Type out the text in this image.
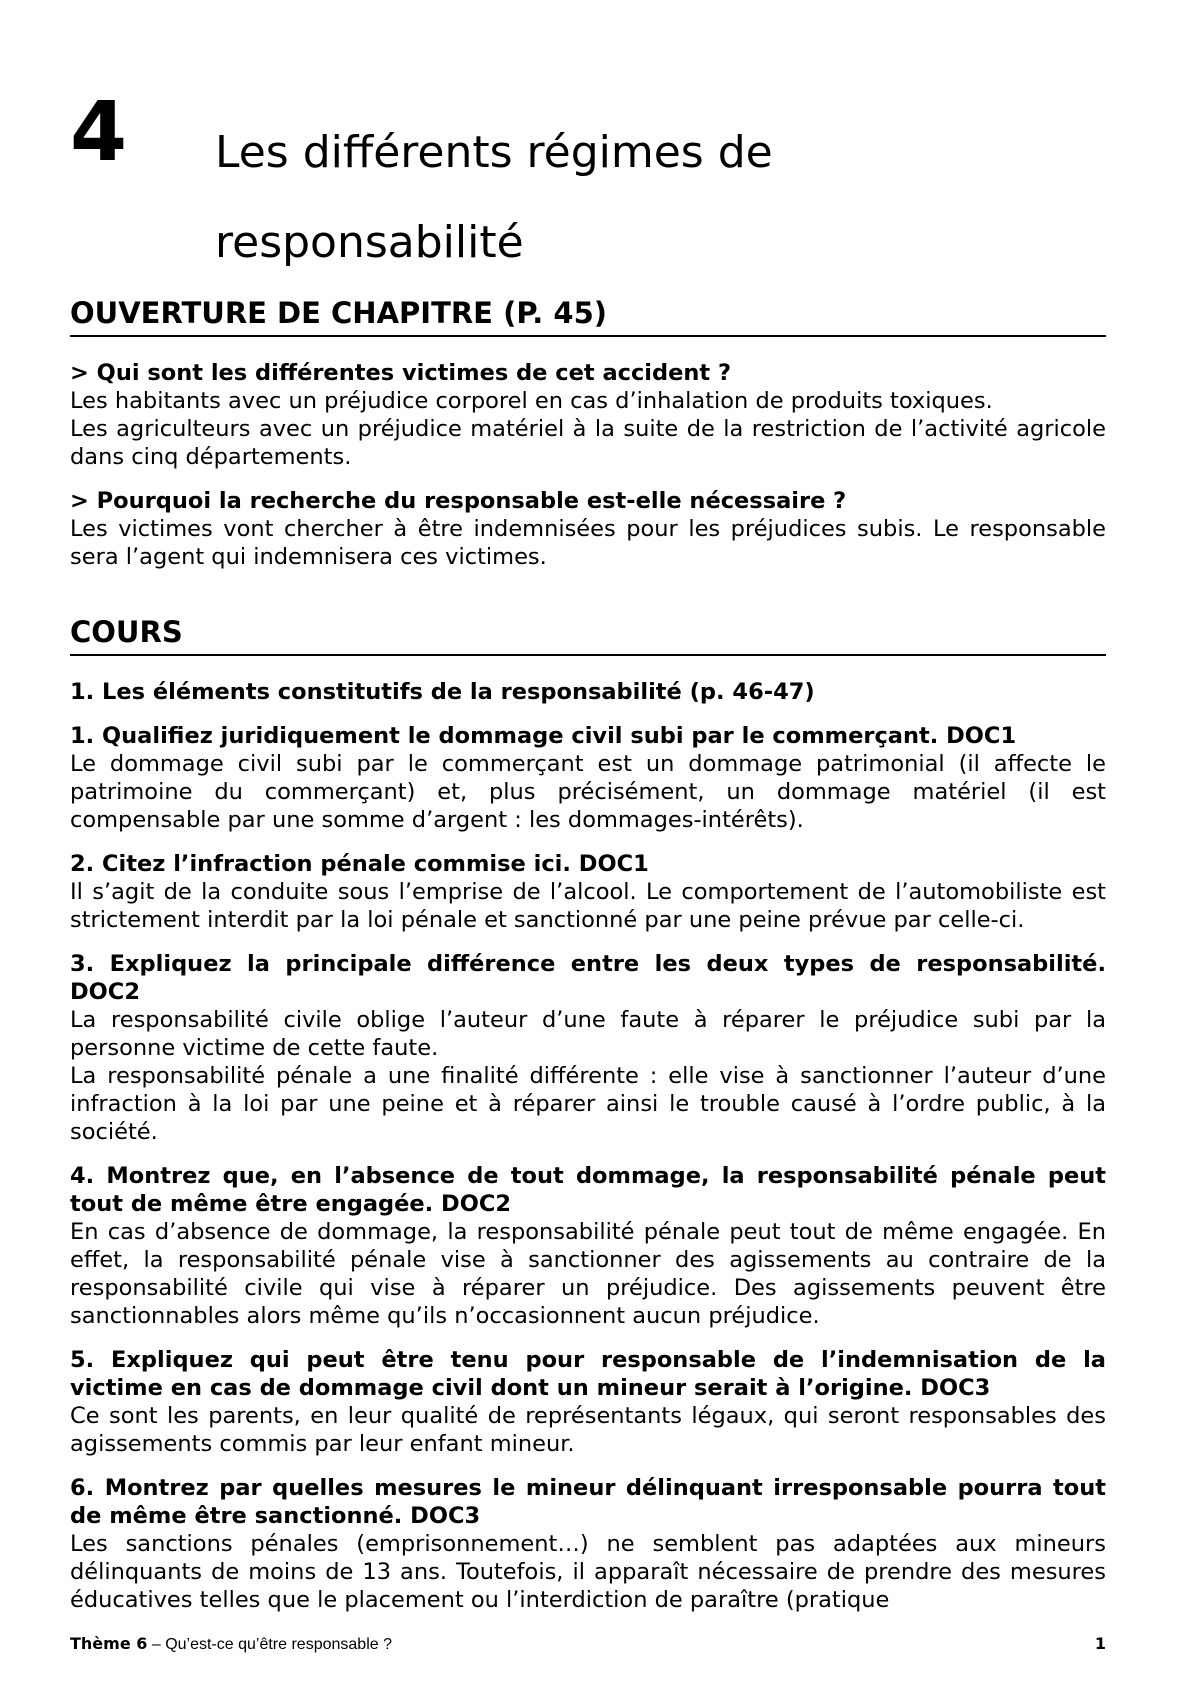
4 Les différents régimes de
responsabilité
OUVERTURE DE CHAPITRE (P. 45)
> Qui sont les différentes victimes de cet accident ?
Les habitants avec un préjudice corporel en cas d’inhalation de produits toxiques.
Les agriculteurs avec un préjudice matériel à la suite de la restriction de l’activité agricole dans cinq départements.
> Pourquoi la recherche du responsable est-elle nécessaire ?
Les victimes vont chercher à être indemnisées pour les préjudices subis. Le responsable sera l’agent qui indemnisera ces victimes.
COURS
1. Les éléments constitutifs de la responsabilité (p. 46-47)
1. Qualifiez juridiquement le dommage civil subi par le commerçant. DOC1
Le dommage civil subi par le commerçant est un dommage patrimonial (il affecte le patrimoine du commerçant) et, plus précisément, un dommage matériel (il est compensable par une somme d’argent : les dommages-intérêts).
2. Citez l’infraction pénale commise ici. DOC1
Il s’agit de la conduite sous l’emprise de l’alcool. Le comportement de l’automobiliste est strictement interdit par la loi pénale et sanctionné par une peine prévue par celle-ci.
3. Expliquez la principale différence entre les deux types de responsabilité. DOC2
La responsabilité civile oblige l’auteur d’une faute à réparer le préjudice subi par la personne victime de cette faute.
La responsabilité pénale a une finalité différente : elle vise à sanctionner l’auteur d’une infraction à la loi par une peine et à réparer ainsi le trouble causé à l’ordre public, à la société.
4. Montrez que, en l’absence de tout dommage, la responsabilité pénale peut tout de même être engagée. DOC2
En cas d’absence de dommage, la responsabilité pénale peut tout de même engagée. En effet, la responsabilité pénale vise à sanctionner des agissements au contraire de la responsabilité civile qui vise à réparer un préjudice. Des agissements peuvent être sanctionnables alors même qu’ils n’occasionnent aucun préjudice.
5. Expliquez qui peut être tenu pour responsable de l’indemnisation de la victime en cas de dommage civil dont un mineur serait à l’origine. DOC3
Ce sont les parents, en leur qualité de représentants légaux, qui seront responsables des agissements commis par leur enfant mineur.
6. Montrez par quelles mesures le mineur délinquant irresponsable pourra tout de même être sanctionné. DOC3
Les sanctions pénales (emprisonnement…) ne semblent pas adaptées aux mineurs délinquants de moins de 13 ans. Toutefois, il apparaît nécessaire de prendre des mesures éducatives telles que le placement ou l’interdiction de paraître (pratique
Thème 6 – Qu’est-ce qu’être responsable ?	1
